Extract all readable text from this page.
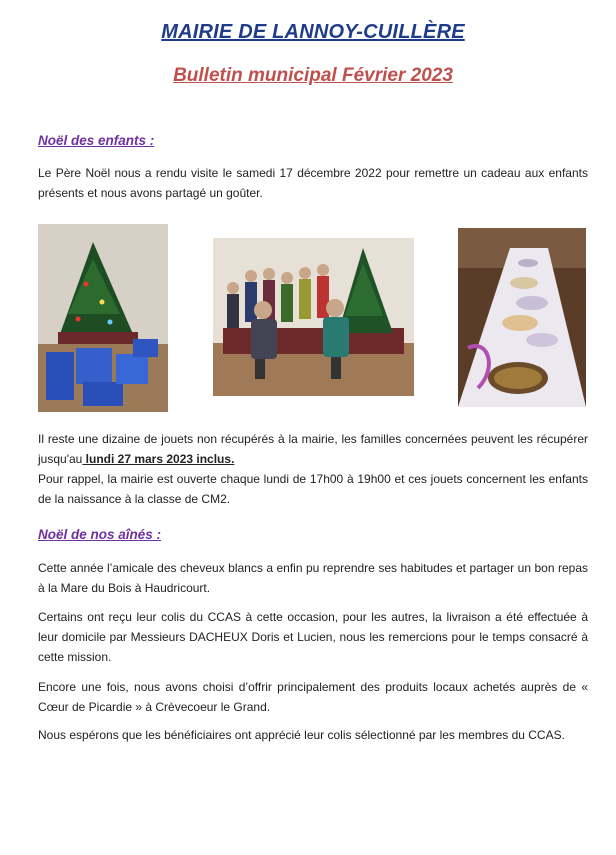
MAIRIE DE LANNOY-CUILLÈRE
Bulletin municipal Février 2023
Noël des enfants :
Le Père Noël nous a rendu visite le samedi 17 décembre 2022 pour remettre un cadeau aux enfants présents et nous avons partagé un goûter.
Il reste une dizaine de jouets non récupérés à la mairie, les familles concernées peuvent les récupérer jusqu'au lundi 27 mars 2023 inclus.
Pour rappel, la mairie est ouverte chaque lundi de 17h00 à 19h00 et ces jouets concernent les enfants de la naissance à la classe de CM2.
Noël de nos aînés :
Cette année l’amicale des cheveux blancs a enfin pu reprendre ses habitudes et partager un bon repas à la Mare du Bois à Haudricourt.
Certains ont reçu leur colis du CCAS à cette occasion, pour les autres, la livraison a été effectuée à leur domicile par Messieurs DACHEUX Doris et Lucien, nous les remercions pour le temps consacré à cette mission.
Encore une fois, nous avons choisi d’offrir principalement des produits locaux achetés auprès de « Cœur de Picardie » à Crèvecoeur le Grand.
Nous espérons que les bénéficiaires ont apprécié leur colis sélectionné par les membres du CCAS.
